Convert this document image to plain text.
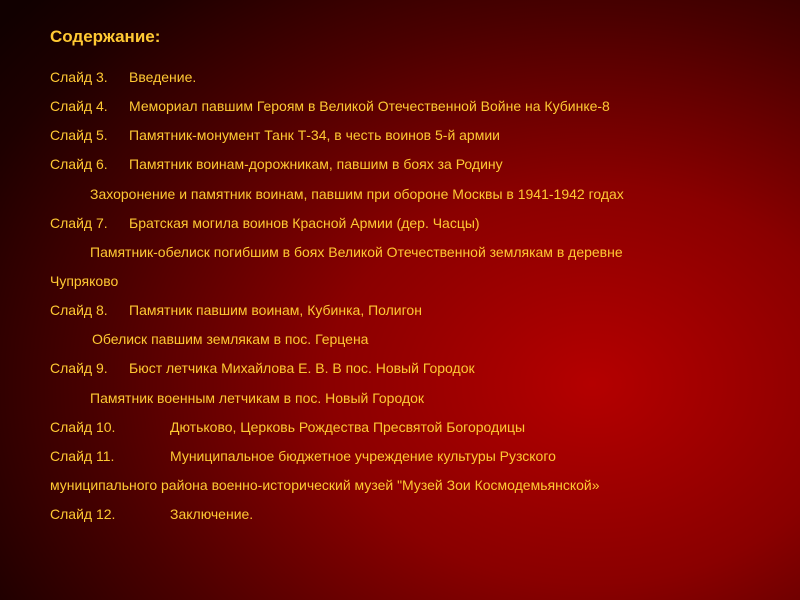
Содержание:
Слайд 3. Введение.
Слайд 4. Мемориал павшим Героям в Великой Отечественной Войне на Кубинке-8
Слайд 5. Памятник-монумент Танк Т-34, в честь воинов 5-й армии
Слайд 6. Памятник воинам-дорожникам, павшим в боях за Родину
Захоронение и памятник воинам, павшим при обороне Москвы в 1941-1942 годах
Слайд 7. Братская могила воинов Красной Армии (дер. Часцы)
Памятник-обелиск погибшим в боях Великой Отечественной землякам в деревне
Чупряково
Слайд 8. Памятник павшим воинам, Кубинка, Полигон
Обелиск павшим землякам в пос. Герцена
Слайд 9. Бюст летчика Михайлова Е. В. В пос. Новый Городок
Памятник военным летчикам в пос. Новый Городок
Слайд 10.	Дютьково, Церковь Рождества Пресвятой Богородицы
Слайд 11.	Муниципальное бюджетное учреждение культуры Рузского
муниципального района военно-исторический музей "Музей Зои Космодемьянской»
Слайд 12.	Заключение.
